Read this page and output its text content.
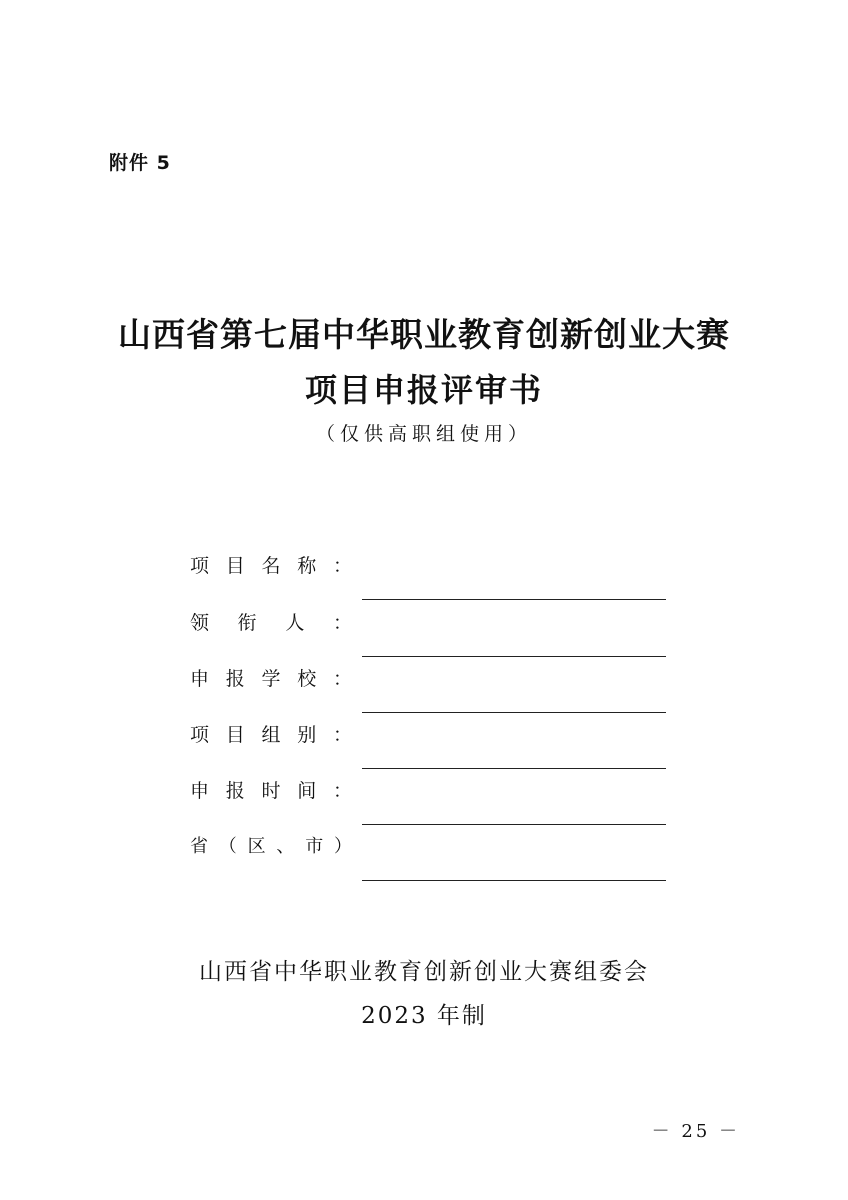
附件 5
山西省第七届中华职业教育创新创业大赛
项目申报评审书
（仅供高职组使用）
项 目 名 称 ：
领 衔 人 ：
申 报 学 校 ：
项 目 组 别 ：
申 报 时 间 ：
省 （ 区 、 市 ）
山西省中华职业教育创新创业大赛组委会
2023 年制
－ 25 －
